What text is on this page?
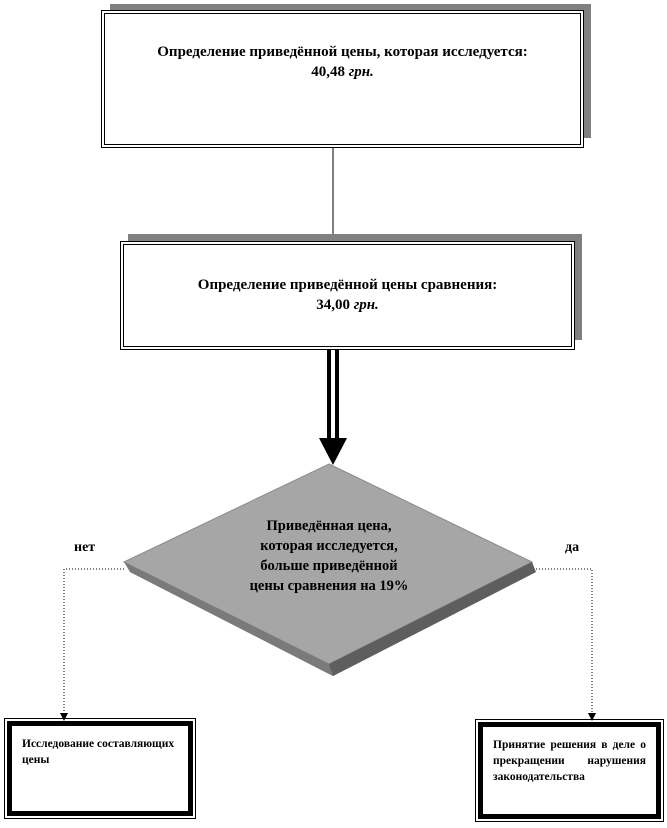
Определение приведённой цены, которая исследуется:
40,48 грн.
Определение приведённой цены сравнения:
34,00 грн.
Приведённая цена,
которая исследуется,
больше приведённой
цены сравнения на 19%
нет	да
Исследование составляющих цены
Принятие решения в деле о прекращении нарушения законодательства
